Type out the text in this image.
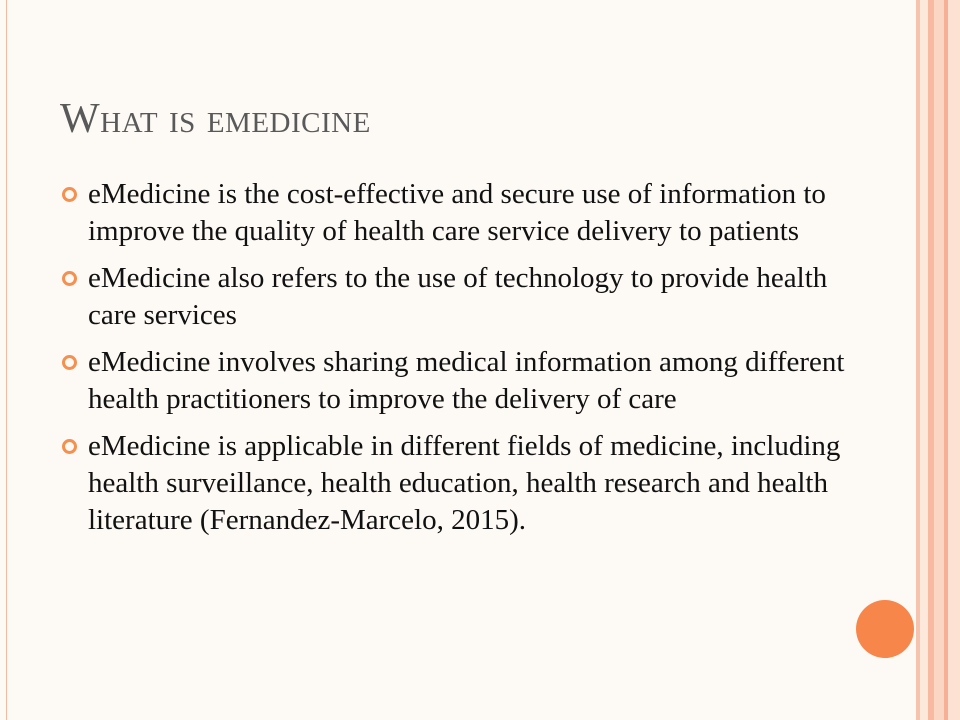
What is emedicine
eMedicine is the cost-effective and secure use of information to improve the quality of health care service delivery to patients
eMedicine also refers to the use of technology to provide health care services
eMedicine involves sharing medical information among different health practitioners to improve the delivery of care
eMedicine is applicable in different fields of medicine, including health surveillance, health education, health research and health literature (Fernandez-Marcelo, 2015).
